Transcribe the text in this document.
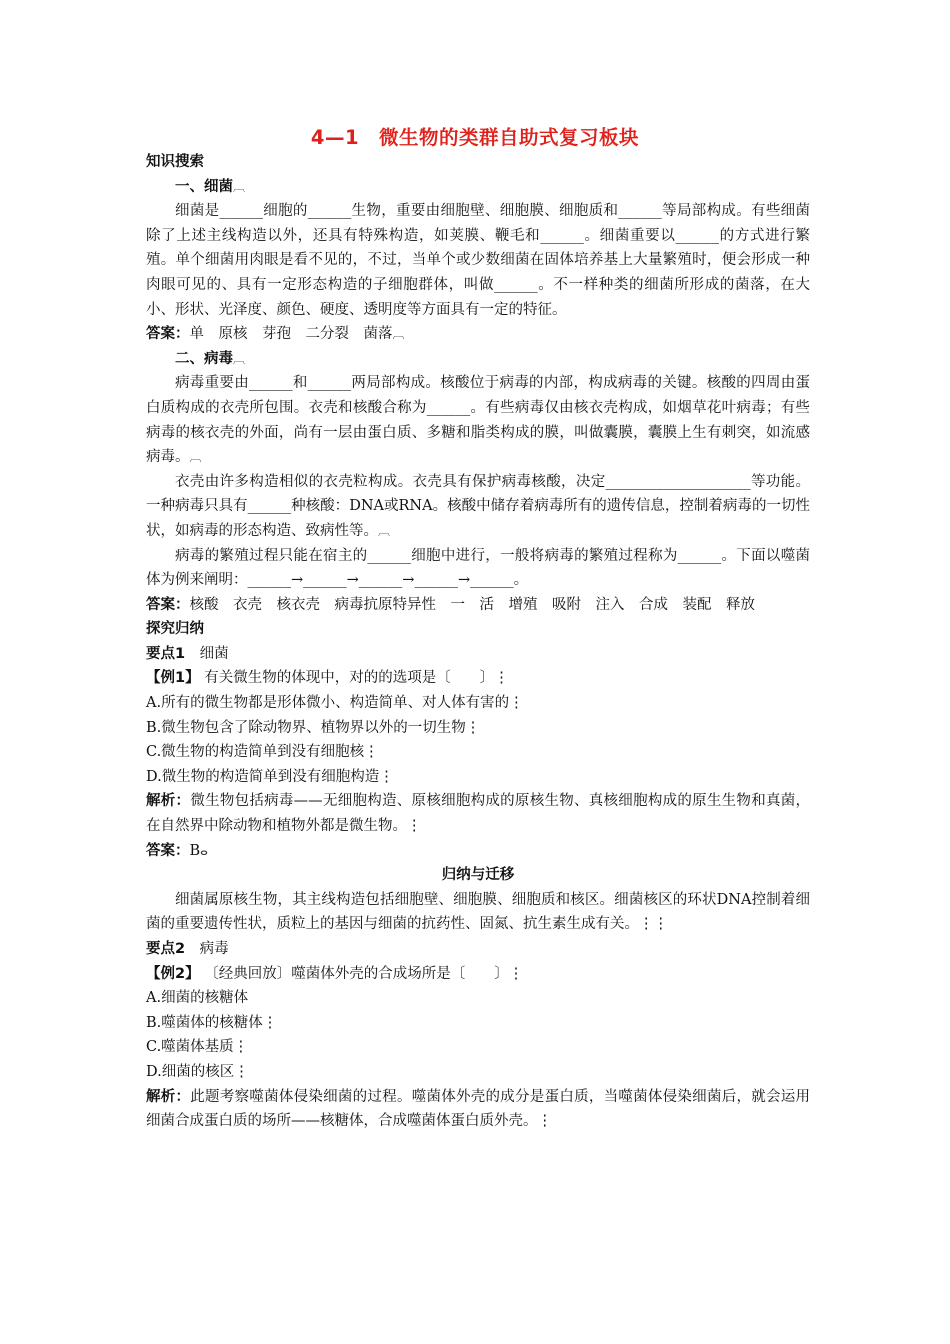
4—1　微生物的类群自助式复习板块
知识搜索
一、细菌︹
细菌是______细胞的______生物，重要由细胞壁、细胞膜、细胞质和______等局部构成。有些细菌除了上述主线构造以外，还具有特殊构造，如荚膜、鞭毛和______。细菌重要以______的方式进行繁殖。单个细菌用肉眼是看不见的，不过，当单个或少数细菌在固体培养基上大量繁殖时，便会形成一种肉眼可见的、具有一定形态构造的子细胞群体，叫做______。不一样种类的细菌所形成的菌落，在大小、形状、光泽度、颜色、硬度、透明度等方面具有一定的特征。
答案：单　原核　芽孢　二分裂　菌落︹
二、病毒︹
病毒重要由______和______两局部构成。核酸位于病毒的内部，构成病毒的关键。核酸的四周由蛋白质构成的衣壳所包围。衣壳和核酸合称为______。有些病毒仅由核衣壳构成，如烟草花叶病毒；有些病毒的核衣壳的外面，尚有一层由蛋白质、多糖和脂类构成的膜，叫做囊膜，囊膜上生有刺突，如流感病毒。︹
衣壳由许多构造相似的衣壳粒构成。衣壳具有保护病毒核酸，决定____________________等功能。一种病毒只具有______种核酸：DNA或RNA。核酸中储存着病毒所有的遗传信息，控制着病毒的一切性状，如病毒的形态构造、致病性等。︹
病毒的繁殖过程只能在宿主的______细胞中进行，一般将病毒的繁殖过程称为______。下面以噬菌体为例来阐明：______→______→______→______→______。
答案：核酸　衣壳　核衣壳　病毒抗原特异性　一　活　增殖　吸附　注入　合成　装配　释放
探究归纳
要点1　细菌
【例1】 有关微生物的体现中，对的的选项是〔　　〕⋮
A.所有的微生物都是形体微小、构造简单、对人体有害的⋮
B.微生物包含了除动物界、植物界以外的一切生物⋮
C.微生物的构造简单到没有细胞核⋮
D.微生物的构造简单到没有细胞构造⋮
解析：微生物包括病毒——无细胞构造、原核细胞构成的原核生物、真核细胞构成的原生生物和真菌，在自然界中除动物和植物外都是微生物。⋮
答案：Bⴰ
归纳与迁移
细菌属原核生物，其主线构造包括细胞壁、细胞膜、细胞质和核区。细菌核区的环状DNA控制着细菌的重要遗传性状，质粒上的基因与细菌的抗药性、固氮、抗生素生成有关。⋮⋮
要点2　病毒
【例2】 〔经典回放〕噬菌体外壳的合成场所是〔　　〕⋮
A.细菌的核糖体
B.噬菌体的核糖体⋮
C.噬菌体基质⋮
D.细菌的核区⋮
解析：此题考察噬菌体侵染细菌的过程。噬菌体外壳的成分是蛋白质，当噬菌体侵染细菌后，就会运用细菌合成蛋白质的场所——核糖体，合成噬菌体蛋白质外壳。⋮
